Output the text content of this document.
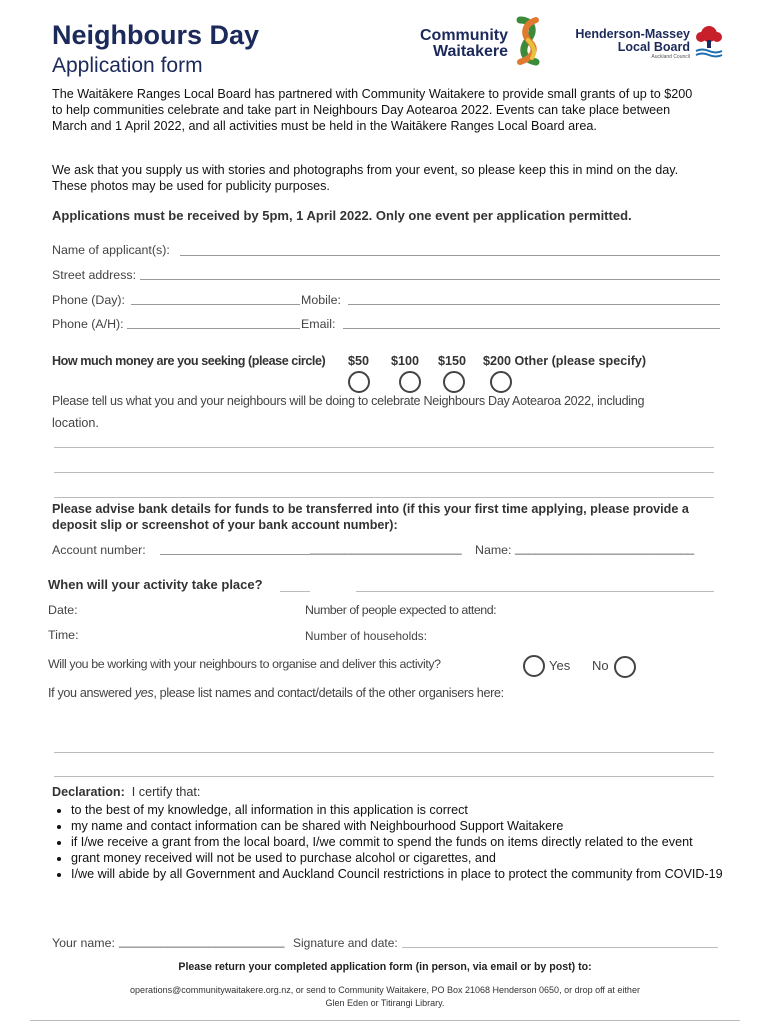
Neighbours Day
Application form
Community
Waitakere
Henderson-Massey
Local Board
Auckland Council
The Waitākere Ranges Local Board has partnered with Community Waitakere to provide small grants of up to $200 to help communities celebrate and take part in Neighbours Day Aotearoa 2022. Events can take place between March and 1 April 2022, and all activities must be held in the Waitākere Ranges Local Board area.
We ask that you supply us with stories and photographs from your event, so please keep this in mind on the day. These photos may be used for publicity purposes.
Applications must be received by 5pm, 1 April 2022. Only one event per application permitted.
Name of applicant(s):
Street address:
Phone (Day):	Mobile:
Phone (A/H):	Email:
How much money are you seeking (please circle) $50 $100 $150 $200 Other (please specify)
Please tell us what you and your neighbours will be doing to celebrate Neighbours Day Aotearoa 2022, including
location.
Please advise bank details for funds to be transferred into (if this your first time applying, please provide a deposit slip or screenshot of your bank account number):
Account number:	______________________ Name: __________________________
When will your activity take place?
Date:	Number of people expected to attend:
Time:	Number of households:
Will you be working with your neighbours to organise and deliver this activity?	Yes No
If you answered yes, please list names and contact/details of the other organisers here:
Declaration: I certify that:
• to the best of my knowledge, all information in this application is correct
• my name and contact information can be shared with Neighbourhood Support Waitakere
• if I/we receive a grant from the local board, I/we commit to spend the funds on items directly related to the event
• grant money received will not be used to purchase alcohol or cigarettes, and
• I/we will abide by all Government and Auckland Council restrictions in place to protect the community from COVID-19
Your name: ________________________ Signature and date:
Please return your completed application form (in person, via email or by post) to:
operations@communitywaitakere.org.nz, or send to Community Waitakere, PO Box 21068 Henderson 0650, or drop off at either
Glen Eden or Titirangi Library.
